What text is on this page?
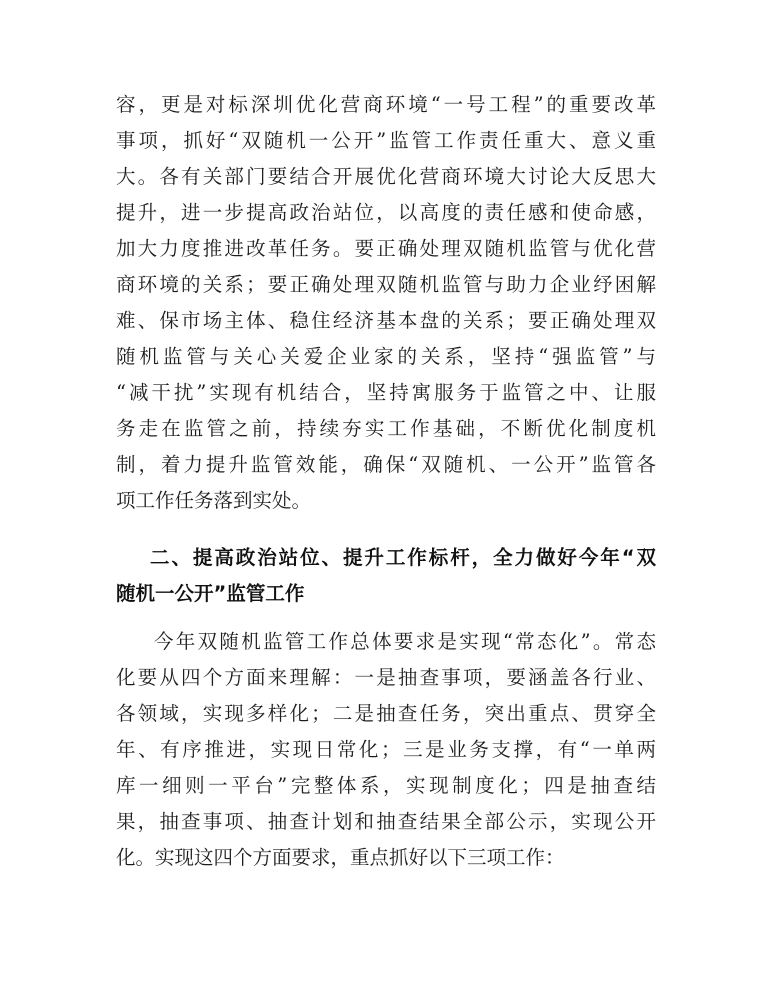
容，更是对标深圳优化营商环境“一号工程”的重要改革
事项，抓好“双随机一公开”监管工作责任重大、意义重
大。各有关部门要结合开展优化营商环境大讨论大反思大
提升，进一步提高政治站位，以高度的责任感和使命感，
加大力度推进改革任务。要正确处理双随机监管与优化营
商环境的关系；要正确处理双随机监管与助力企业纾困解
难、保市场主体、稳住经济基本盘的关系；要正确处理双
随机监管与关心关爱企业家的关系，坚持“强监管”与
“减干扰”实现有机结合，坚持寓服务于监管之中、让服
务走在监管之前，持续夯实工作基础，不断优化制度机
制，着力提升监管效能，确保“双随机、一公开”监管各
项工作任务落到实处。
二、提高政治站位、提升工作标杆，全力做好今年“双
随机一公开”监管工作
今年双随机监管工作总体要求是实现“常态化”。常态
化要从四个方面来理解：一是抽查事项，要涵盖各行业、
各领域，实现多样化；二是抽查任务，突出重点、贯穿全
年、有序推进，实现日常化；三是业务支撑，有“一单两
库一细则一平台”完整体系，实现制度化；四是抽查结
果，抽查事项、抽查计划和抽查结果全部公示，实现公开
化。实现这四个方面要求，重点抓好以下三项工作：
